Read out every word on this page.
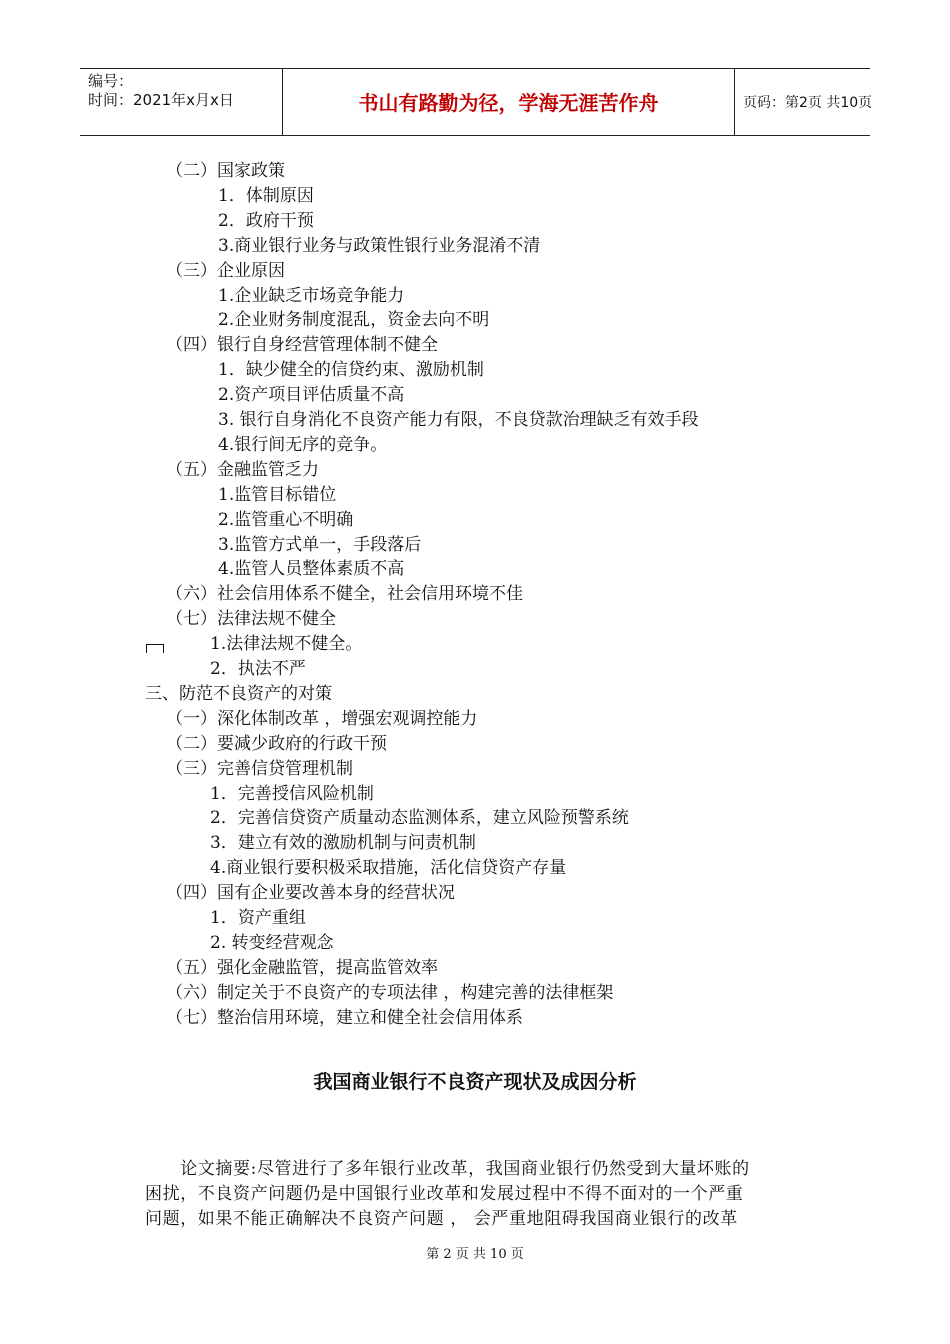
编号：
时间：2021年x月x日	书山有路勤为径，学海无涯苦作舟	页码：第2页 共10页
（二）国家政策
1．体制原因
2．政府干预
3.商业银行业务与政策性银行业务混淆不清
（三）企业原因
1.企业缺乏市场竞争能力
2.企业财务制度混乱，资金去向不明
（四）银行自身经营管理体制不健全
1．缺少健全的信贷约束、激励机制
2.资产项目评估质量不高
3. 银行自身消化不良资产能力有限，不良贷款治理缺乏有效手段
4.银行间无序的竞争。
（五）金融监管乏力
1.监管目标错位
2.监管重心不明确
3.监管方式单一，手段落后
4.监管人员整体素质不高
（六）社会信用体系不健全，社会信用环境不佳
（七）法律法规不健全
1.法律法规不健全。
2．执法不严
三、防范不良资产的对策
（一）深化体制改革 ，增强宏观调控能力
（二）要减少政府的行政干预
（三）完善信贷管理机制
1．完善授信风险机制
2．完善信贷资产质量动态监测体系，建立风险预警系统
3．建立有效的激励机制与问责机制
4.商业银行要积极采取措施，活化信贷资产存量
（四）国有企业要改善本身的经营状况
1．资产重组
2. 转变经营观念
（五）强化金融监管，提高监管效率
（六）制定关于不良资产的专项法律 ，构建完善的法律框架
（七）整治信用环境，建立和健全社会信用体系
我国商业银行不良资产现状及成因分析
　　论文摘要:尽管进行了多年银行业改革，我国商业银行仍然受到大量坏账的
困扰，不良资产问题仍是中国银行业改革和发展过程中不得不面对的一个严重
问题，如果不能正确解决不良资产问题 ， 会严重地阻碍我国商业银行的改革
第 2 页 共 10 页
